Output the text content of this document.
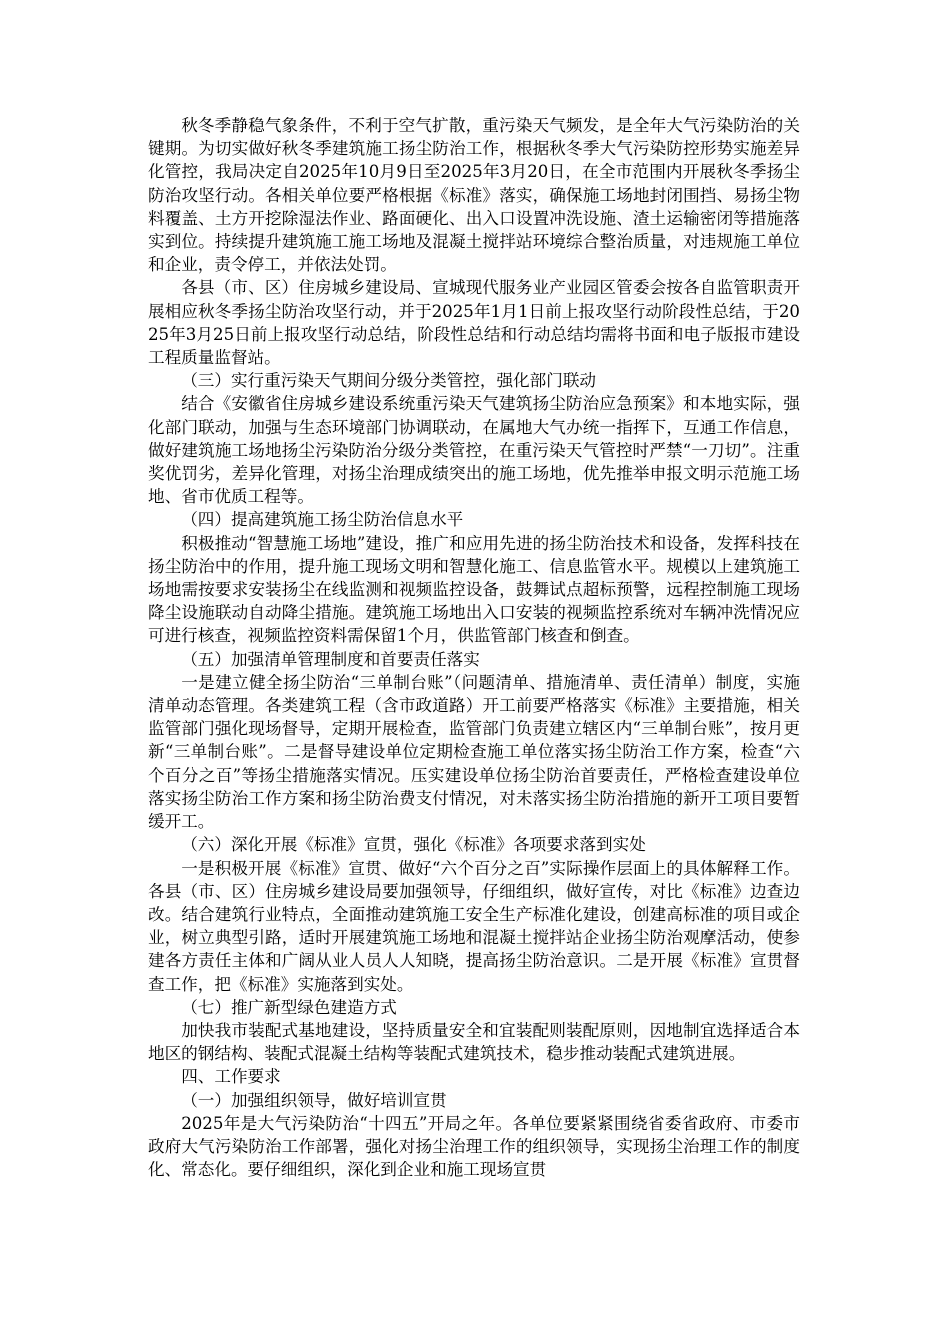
秋冬季静稳气象条件，不利于空气扩散，重污染天气频发，是全年大气污染防治的关键期。为切实做好秋冬季建筑施工扬尘防治工作，根据秋冬季大气污染防控形势实施差异化管控，我局决定自2025年10月9日至2025年3月20日，在全市范围内开展秋冬季扬尘防治攻坚行动。各相关单位要严格根据《标准》落实，确保施工场地封闭围挡、易扬尘物料覆盖、土方开挖除湿法作业、路面硬化、出入口设置冲洗设施、渣土运输密闭等措施落实到位。持续提升建筑施工施工场地及混凝土搅拌站环境综合整治质量，对违规施工单位和企业，责令停工，并依法处罚。

各县（市、区）住房城乡建设局、宣城现代服务业产业园区管委会按各自监管职责开展相应秋冬季扬尘防治攻坚行动，并于2025年1月1日前上报攻坚行动阶段性总结，于2025年3月25日前上报攻坚行动总结，阶段性总结和行动总结均需将书面和电子版报市建设工程质量监督站。

（三）实行重污染天气期间分级分类管控，强化部门联动

结合《安徽省住房城乡建设系统重污染天气建筑扬尘防治应急预案》和本地实际，强化部门联动，加强与生态环境部门协调联动，在属地大气办统一指挥下，互通工作信息，做好建筑施工场地扬尘污染防治分级分类管控，在重污染天气管控时严禁“一刀切”。注重奖优罚劣，差异化管理，对扬尘治理成绩突出的施工场地，优先推举申报文明示范施工场地、省市优质工程等。

（四）提高建筑施工扬尘防治信息水平

积极推动“智慧施工场地”建设，推广和应用先进的扬尘防治技术和设备，发挥科技在扬尘防治中的作用，提升施工现场文明和智慧化施工、信息监管水平。规模以上建筑施工场地需按要求安装扬尘在线监测和视频监控设备，鼓舞试点超标预警，远程控制施工现场降尘设施联动自动降尘措施。建筑施工场地出入口安装的视频监控系统对车辆冲洗情况应可进行核查，视频监控资料需保留1个月，供监管部门核查和倒查。

（五）加强清单管理制度和首要责任落实

一是建立健全扬尘防治“三单制台账”（问题清单、措施清单、责任清单）制度，实施清单动态管理。各类建筑工程（含市政道路）开工前要严格落实《标准》主要措施，相关监管部门强化现场督导，定期开展检查，监管部门负责建立辖区内“三单制台账”，按月更新“三单制台账”。二是督导建设单位定期检查施工单位落实扬尘防治工作方案，检查“六个百分之百”等扬尘措施落实情况。压实建设单位扬尘防治首要责任，严格检查建设单位落实扬尘防治工作方案和扬尘防治费支付情况，对未落实扬尘防治措施的新开工项目要暂缓开工。

（六）深化开展《标准》宣贯，强化《标准》各项要求落到实处

一是积极开展《标准》宣贯、做好“六个百分之百”实际操作层面上的具体解释工作。各县（市、区）住房城乡建设局要加强领导，仔细组织，做好宣传，对比《标准》边查边改。结合建筑行业特点，全面推动建筑施工安全生产标准化建设，创建高标准的项目或企业，树立典型引路，适时开展建筑施工场地和混凝土搅拌站企业扬尘防治观摩活动，使参建各方责任主体和广阔从业人员人人知晓，提高扬尘防治意识。二是开展《标准》宣贯督查工作，把《标准》实施落到实处。

（七）推广新型绿色建造方式

加快我市装配式基地建设，坚持质量安全和宜装配则装配原则，因地制宜选择适合本地区的钢结构、装配式混凝土结构等装配式建筑技术，稳步推动装配式建筑进展。

四、工作要求

（一）加强组织领导，做好培训宣贯

2025年是大气污染防治“十四五”开局之年。各单位要紧紧围绕省委省政府、市委市政府大气污染防治工作部署，强化对扬尘治理工作的组织领导，实现扬尘治理工作的制度化、常态化。要仔细组织，深化到企业和施工现场宣贯
